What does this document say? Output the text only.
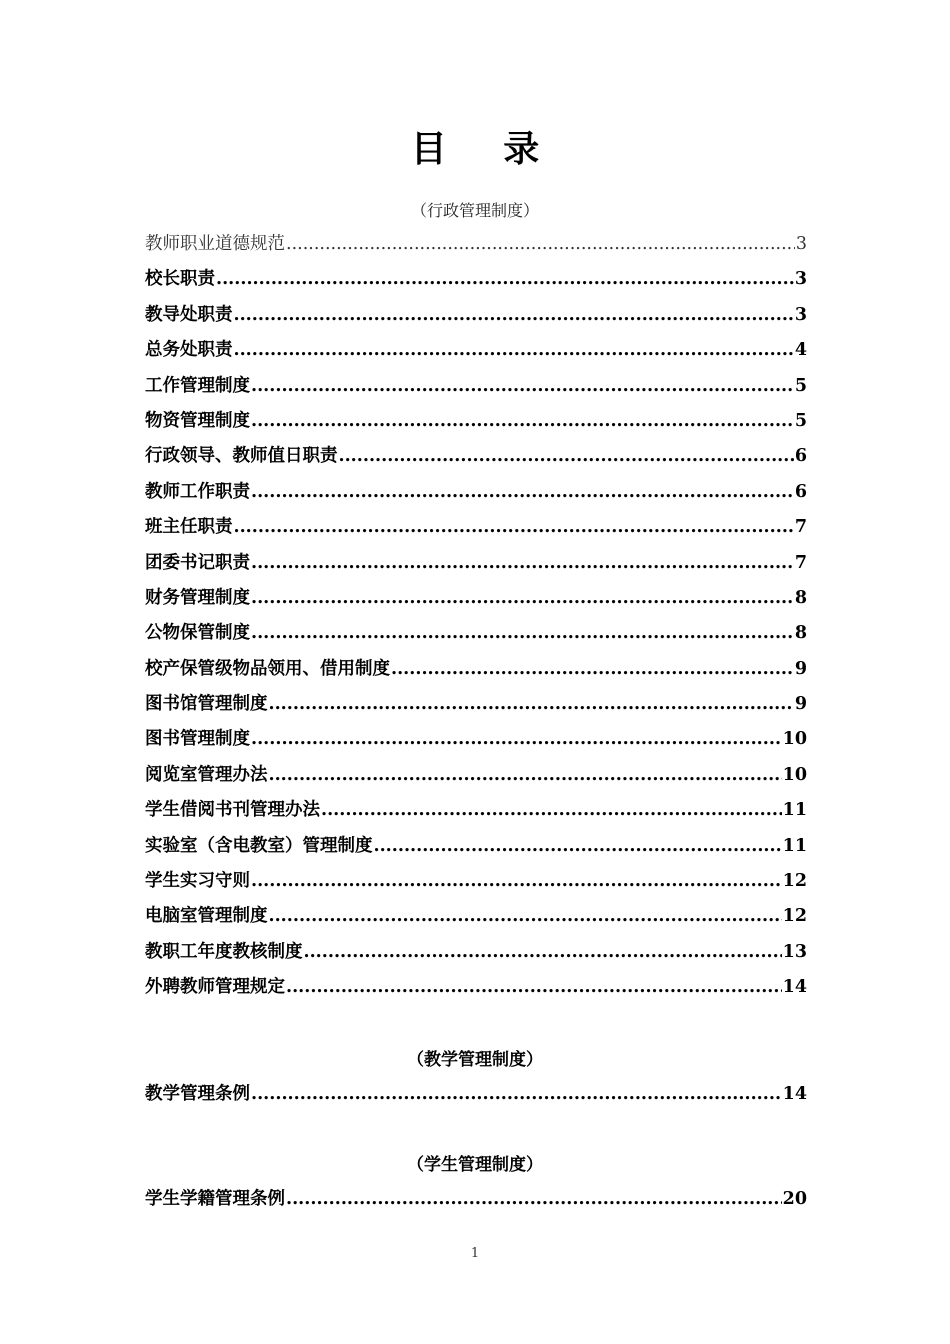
目 录
（行政管理制度）
教师职业道德规范 .....	3
校长职责 .....	3
教导处职责 .....	3
总务处职责 .....	4
工作管理制度 .....	5
物资管理制度 .....	5
行政领导、教师值日职责 .....	6
教师工作职责 .....	6
班主任职责 .....	7
团委书记职责 .....	7
财务管理制度 .....	8
公物保管制度 .....	8
校产保管级物品领用、借用制度 .....	9
图书馆管理制度 .....	9
图书管理制度 .....	10
阅览室管理办法 .....	10
学生借阅书刊管理办法 .....	11
实验室（含电教室）管理制度 .....	11
学生实习守则 .....	12
电脑室管理制度 .....	12
教职工年度教核制度 .....	13
外聘教师管理规定 .....	14
（教学管理制度）
教学管理条例 .....	14
（学生管理制度）
学生学籍管理条例 .....	20
1
